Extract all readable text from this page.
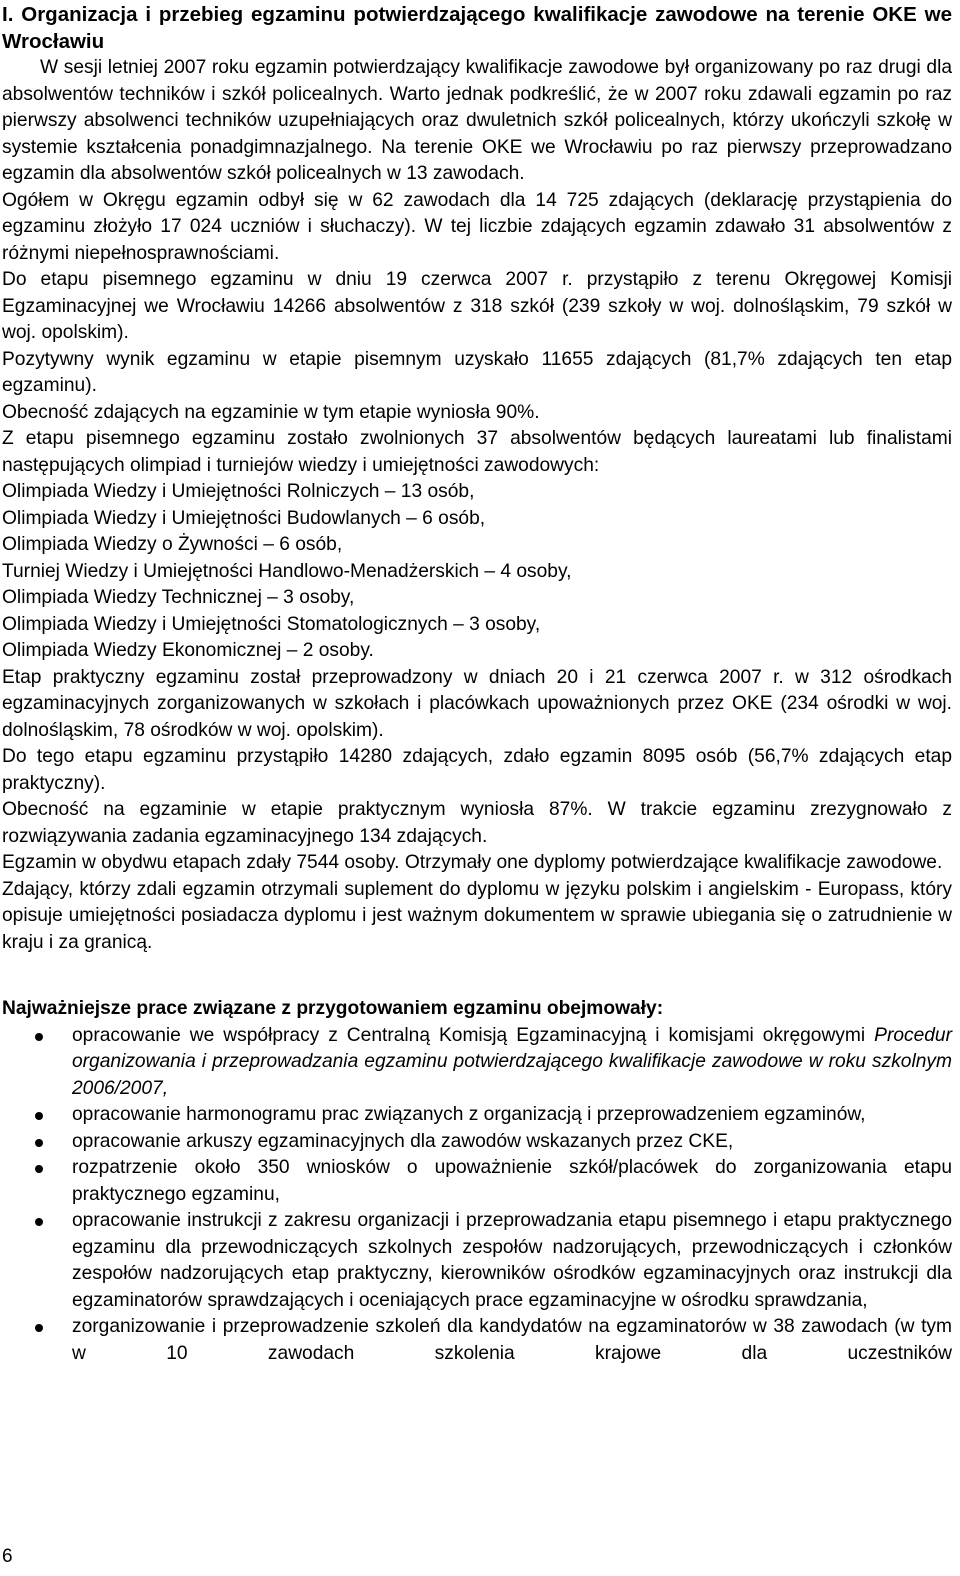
I. Organizacja i przebieg egzaminu potwierdzającego kwalifikacje zawodowe na terenie OKE we Wrocławiu

W sesji letniej 2007 roku egzamin potwierdzający kwalifikacje zawodowe był organizowany po raz drugi dla absolwentów techników i szkół policealnych. Warto jednak podkreślić, że w 2007 roku zdawali egzamin po raz pierwszy absolwenci techników uzupełniających oraz dwuletnich szkół policealnych, którzy ukończyli szkołę w systemie kształcenia ponadgimnazjalnego. Na terenie OKE we Wrocławiu po raz pierwszy przeprowadzano egzamin dla absolwentów szkół policealnych w 13 zawodach.

Ogółem w Okręgu egzamin odbył się w 62 zawodach dla 14 725 zdających (deklarację przystąpienia do egzaminu złożyło 17 024 uczniów i słuchaczy). W tej liczbie zdających egzamin zdawało 31 absolwentów z różnymi niepełnosprawnościami.

Do etapu pisemnego egzaminu w dniu 19 czerwca 2007 r. przystąpiło z terenu Okręgowej Komisji Egzaminacyjnej we Wrocławiu 14266 absolwentów z 318 szkół (239 szkoły w woj. dolnośląskim, 79 szkół w woj. opolskim).

Pozytywny wynik egzaminu w etapie pisemnym uzyskało 11655 zdających (81,7% zdających ten etap egzaminu).

Obecność zdających na egzaminie w tym etapie wyniosła 90%.

Z etapu pisemnego egzaminu zostało zwolnionych 37 absolwentów będących laureatami lub finalistami następujących olimpiad i turniejów wiedzy i umiejętności zawodowych:

Olimpiada Wiedzy i Umiejętności Rolniczych – 13 osób,

Olimpiada Wiedzy i Umiejętności Budowlanych – 6 osób,

Olimpiada Wiedzy o Żywności – 6 osób,

Turniej Wiedzy i Umiejętności Handlowo-Menadżerskich – 4 osoby,

Olimpiada Wiedzy Technicznej – 3 osoby,

Olimpiada Wiedzy i Umiejętności Stomatologicznych – 3 osoby,

Olimpiada Wiedzy Ekonomicznej – 2 osoby.

Etap praktyczny egzaminu został przeprowadzony w dniach 20 i 21 czerwca 2007 r. w 312 ośrodkach egzaminacyjnych zorganizowanych w szkołach i placówkach upoważnionych przez OKE (234 ośrodki w woj. dolnośląskim, 78 ośrodków w woj. opolskim).

Do tego etapu egzaminu przystąpiło 14280 zdających, zdało egzamin 8095 osób (56,7% zdających etap praktyczny).

Obecność na egzaminie w etapie praktycznym wyniosła 87%. W trakcie egzaminu zrezygnowało z rozwiązywania zadania egzaminacyjnego 134 zdających.

Egzamin w obydwu etapach zdały 7544 osoby. Otrzymały one dyplomy potwierdzające kwalifikacje zawodowe.

Zdający, którzy zdali egzamin otrzymali suplement do dyplomu w języku polskim i angielskim - Europass, który opisuje umiejętności posiadacza dyplomu i jest ważnym dokumentem w sprawie ubiegania się o zatrudnienie w kraju i za granicą.

Najważniejsze prace związane z przygotowaniem egzaminu obejmowały:

opracowanie we współpracy z Centralną Komisją Egzaminacyjną i komisjami okręgowymi Procedur organizowania i przeprowadzania egzaminu potwierdzającego kwalifikacje zawodowe w roku szkolnym 2006/2007,
opracowanie harmonogramu prac związanych z organizacją i przeprowadzeniem egzaminów,
opracowanie arkuszy egzaminacyjnych dla zawodów wskazanych przez CKE,
rozpatrzenie około 350 wniosków o upoważnienie szkół/placówek do zorganizowania etapu praktycznego egzaminu,
opracowanie instrukcji z zakresu organizacji i przeprowadzania etapu pisemnego i etapu praktycznego egzaminu dla przewodniczących szkolnych zespołów nadzorujących, przewodniczących i członków zespołów nadzorujących etap praktyczny, kierowników ośrodków egzaminacyjnych oraz instrukcji dla egzaminatorów sprawdzających i oceniających prace egzaminacyjne w ośrodku sprawdzania,
zorganizowanie i przeprowadzenie szkoleń dla kandydatów na egzaminatorów w 38 zawodach (w tym w 10 zawodach szkolenia krajowe dla uczestników
6
